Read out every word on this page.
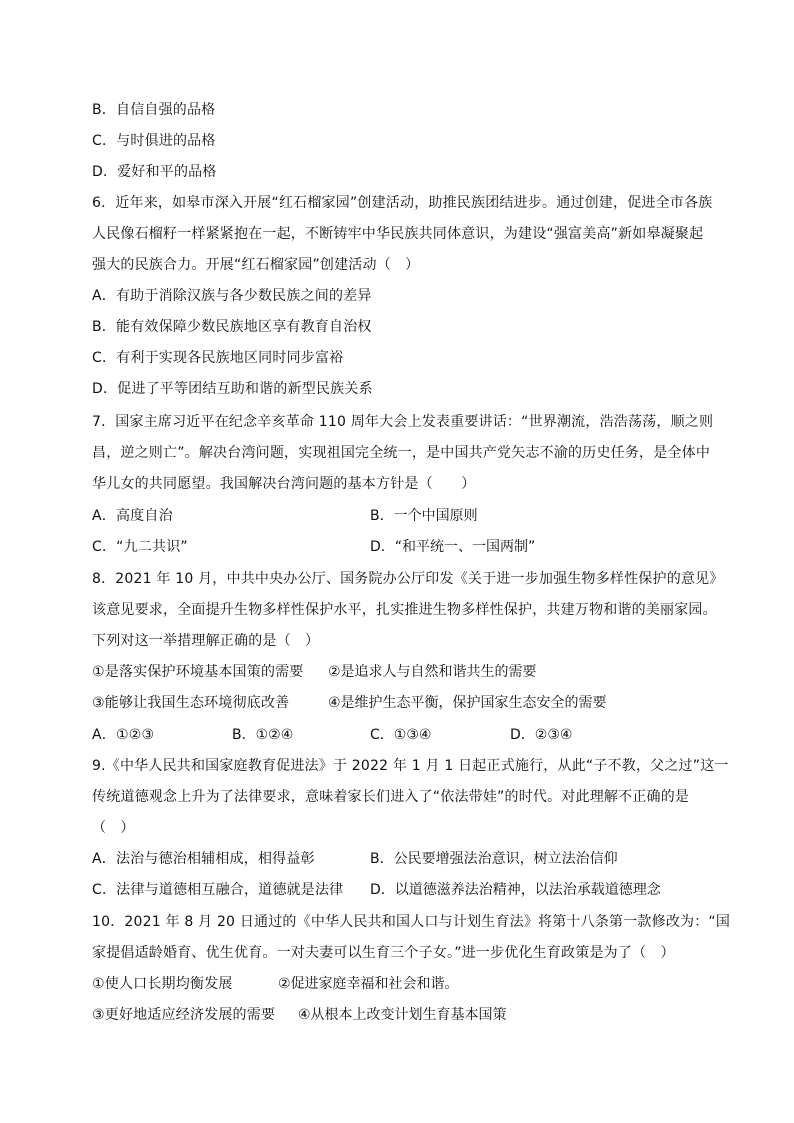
B．自信自强的品格
C．与时俱进的品格
D．爱好和平的品格
6．近年来，如皋市深入开展“红石榴家园”创建活动，助推民族团结进步。通过创建，促进全市各族
人民像石榴籽一样紧紧抱在一起，不断铸牢中华民族共同体意识，为建设“强富美高”新如皋凝聚起
强大的民族合力。开展“红石榴家园”创建活动（　）
A．有助于消除汉族与各少数民族之间的差异
B．能有效保障少数民族地区享有教育自治权
C．有利于实现各民族地区同时同步富裕
D．促进了平等团结互助和谐的新型民族关系
7．国家主席习近平在纪念辛亥革命 110 周年大会上发表重要讲话：“世界潮流，浩浩荡荡，顺之则
昌，逆之则亡”。解决台湾问题，实现祖国完全统一，是中国共产党矢志不渝的历史任务，是全体中
华儿女的共同愿望。我国解决台湾问题的基本方针是（　　）
A．高度自治	B．一个中国原则
C．“九二共识”	D．“和平统一、一国两制”
8．2021 年 10 月，中共中央办公厅、国务院办公厅印发《关于进一步加强生物多样性保护的意见》
该意见要求，全面提升生物多样性保护水平，扎实推进生物多样性保护，共建万物和谐的美丽家园。
下列对这一举措理解正确的是（　）
①是落实保护环境基本国策的需要 ②是追求人与自然和谐共生的需要
③能够让我国生态环境彻底改善	④是维护生态平衡，保护国家生态安全的需要
A．①②③	B．①②④	C．①③④	D．②③④
9.《中华人民共和国家庭教育促进法》于 2022 年 1 月 1 日起正式施行，从此“子不教，父之过”这一
传统道德观念上升为了法律要求，意味着家长们进入了“依法带娃”的时代。对此理解不正确的是
（　）
A．法治与德治相辅相成，相得益彰	B．公民要增强法治意识，树立法治信仰
C．法律与道德相互融合，道德就是法律 D．以道德滋养法治精神，以法治承载道德理念
10．2021 年 8 月 20 日通过的《中华人民共和国人口与计划生育法》将第十八条第一款修改为：“国
家提倡适龄婚育、优生优育。一对夫妻可以生育三个子女。”进一步优化生育政策是为了（　）
①使人口长期均衡发展	②促进家庭幸福和社会和谐。
③更好地适应经济发展的需要 ④从根本上改变计划生育基本国策
